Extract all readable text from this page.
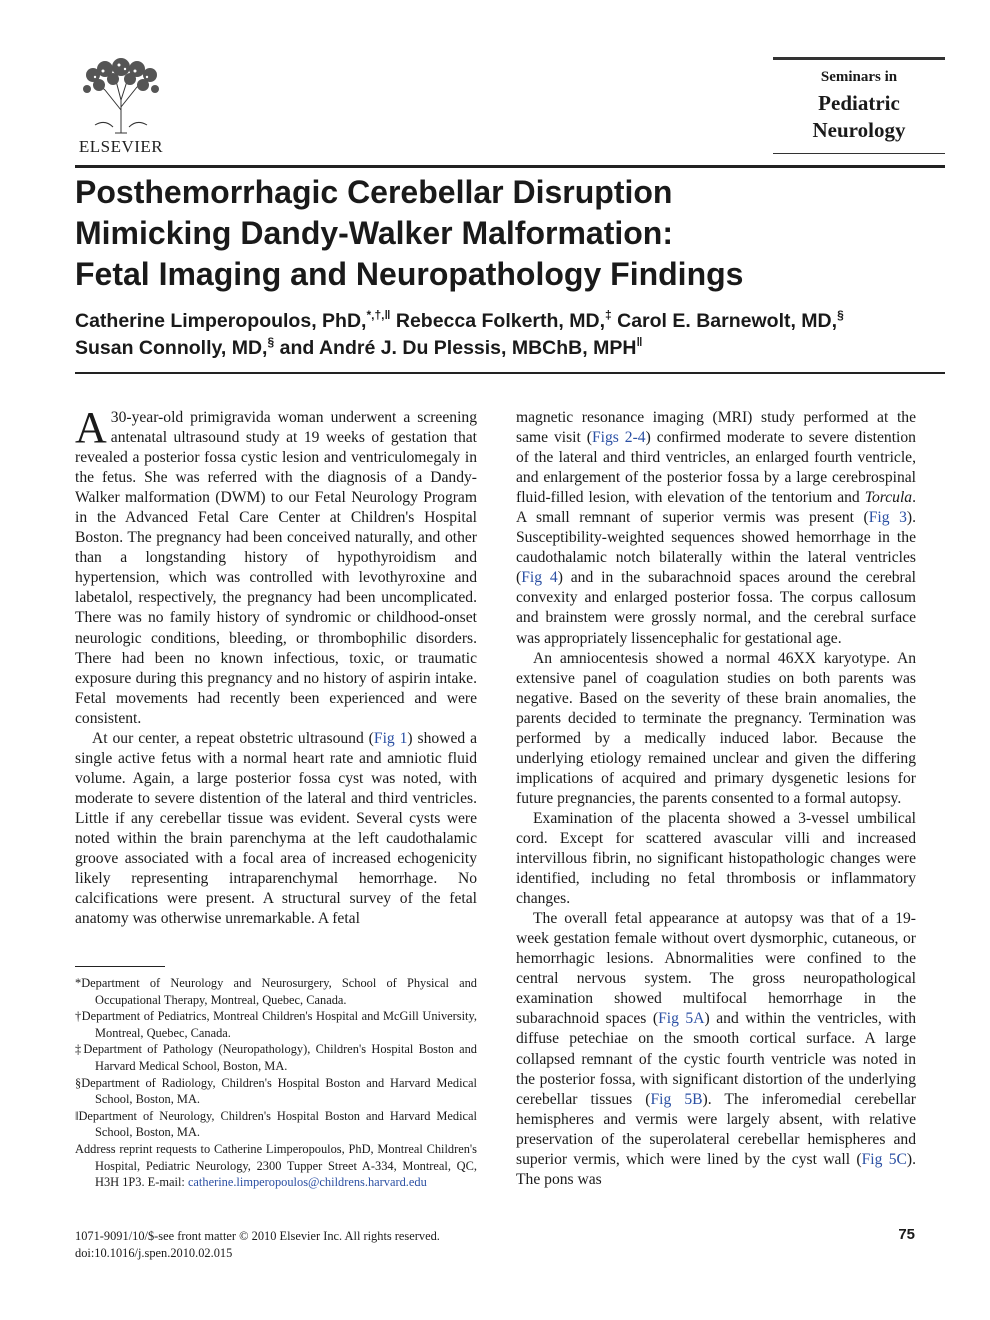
ELSEVIER
Seminars in
Pediatric
Neurology
Posthemorrhagic Cerebellar Disruption
Mimicking Dandy-Walker Malformation:
Fetal Imaging and Neuropathology Findings
Catherine Limperopoulos, PhD,*,†,‖ Rebecca Folkerth, MD,‡ Carol E. Barnewolt, MD,§
Susan Connolly, MD,§ and André J. Du Plessis, MBChB, MPH‖

A 30-year-old primigravida woman underwent a screening antenatal ultrasound study at 19 weeks of gestation that revealed a posterior fossa cystic lesion and ventriculomegaly in the fetus. She was referred with the diagnosis of a Dandy-Walker malformation (DWM) to our Fetal Neurology Program in the Advanced Fetal Care Center at Children's Hospital Boston. The pregnancy had been conceived naturally, and other than a longstanding history of hypothyroidism and hypertension, which was controlled with levothyroxine and labetalol, respectively, the pregnancy had been uncomplicated. There was no family history of syndromic or childhood-onset neurologic conditions, bleeding, or thrombophilic disorders. There had been no known infectious, toxic, or traumatic exposure during this pregnancy and no history of aspirin intake. Fetal movements had recently been experienced and were consistent.

At our center, a repeat obstetric ultrasound (Fig 1) showed a single active fetus with a normal heart rate and amniotic fluid volume. Again, a large posterior fossa cyst was noted, with moderate to severe distention of the lateral and third ventricles. Little if any cerebellar tissue was evident. Several cysts were noted within the brain parenchyma at the left caudothalamic groove associated with a focal area of increased echogenicity likely representing intraparenchymal hemorrhage. No calcifications were present. A structural survey of the fetal anatomy was otherwise unremarkable. A fetal

magnetic resonance imaging (MRI) study performed at the same visit (Figs 2-4) confirmed moderate to severe distention of the lateral and third ventricles, an enlarged fourth ventricle, and enlargement of the posterior fossa by a large cerebrospinal fluid-filled lesion, with elevation of the tentorium and Torcula. A small remnant of superior vermis was present (Fig 3). Susceptibility-weighted sequences showed hemorrhage in the caudothalamic notch bilaterally within the lateral ventricles (Fig 4) and in the subarachnoid spaces around the cerebral convexity and enlarged posterior fossa. The corpus callosum and brainstem were grossly normal, and the cerebral surface was appropriately lissencephalic for gestational age.

An amniocentesis showed a normal 46XX karyotype. An extensive panel of coagulation studies on both parents was negative. Based on the severity of these brain anomalies, the parents decided to terminate the pregnancy. Termination was performed by a medically induced labor. Because the underlying etiology remained unclear and given the differing implications of acquired and primary dysgenetic lesions for future pregnancies, the parents consented to a formal autopsy.

Examination of the placenta showed a 3-vessel umbilical cord. Except for scattered avascular villi and increased intervillous fibrin, no significant histopathologic changes were identified, including no fetal thrombosis or inflammatory changes.

The overall fetal appearance at autopsy was that of a 19-week gestation female without overt dysmorphic, cutaneous, or hemorrhagic lesions. Abnormalities were confined to the central nervous system. The gross neuropathological examination showed multifocal hemorrhage in the subarachnoid spaces (Fig 5A) and within the ventricles, with diffuse petechiae on the smooth cortical surface. A large collapsed remnant of the cystic fourth ventricle was noted in the posterior fossa, with significant distortion of the underlying cerebellar tissues (Fig 5B). The inferomedial cerebellar hemispheres and vermis were largely absent, with relative preservation of the superolateral cerebellar hemispheres and superior vermis, which were lined by the cyst wall (Fig 5C). The pons was

*Department of Neurology and Neurosurgery, School of Physical and Occupational Therapy, Montreal, Quebec, Canada.

†Department of Pediatrics, Montreal Children's Hospital and McGill University, Montreal, Quebec, Canada.

‡Department of Pathology (Neuropathology), Children's Hospital Boston and Harvard Medical School, Boston, MA.

§Department of Radiology, Children's Hospital Boston and Harvard Medical School, Boston, MA.

‖Department of Neurology, Children's Hospital Boston and Harvard Medical School, Boston, MA.

Address reprint requests to Catherine Limperopoulos, PhD, Montreal Children's Hospital, Pediatric Neurology, 2300 Tupper Street A-334, Montreal, QC, H3H 1P3. E-mail: catherine.limperopoulos@childrens.harvard.edu

1071-9091/10/$-see front matter © 2010 Elsevier Inc. All rights reserved.
doi:10.1016/j.spen.2010.02.015
75
